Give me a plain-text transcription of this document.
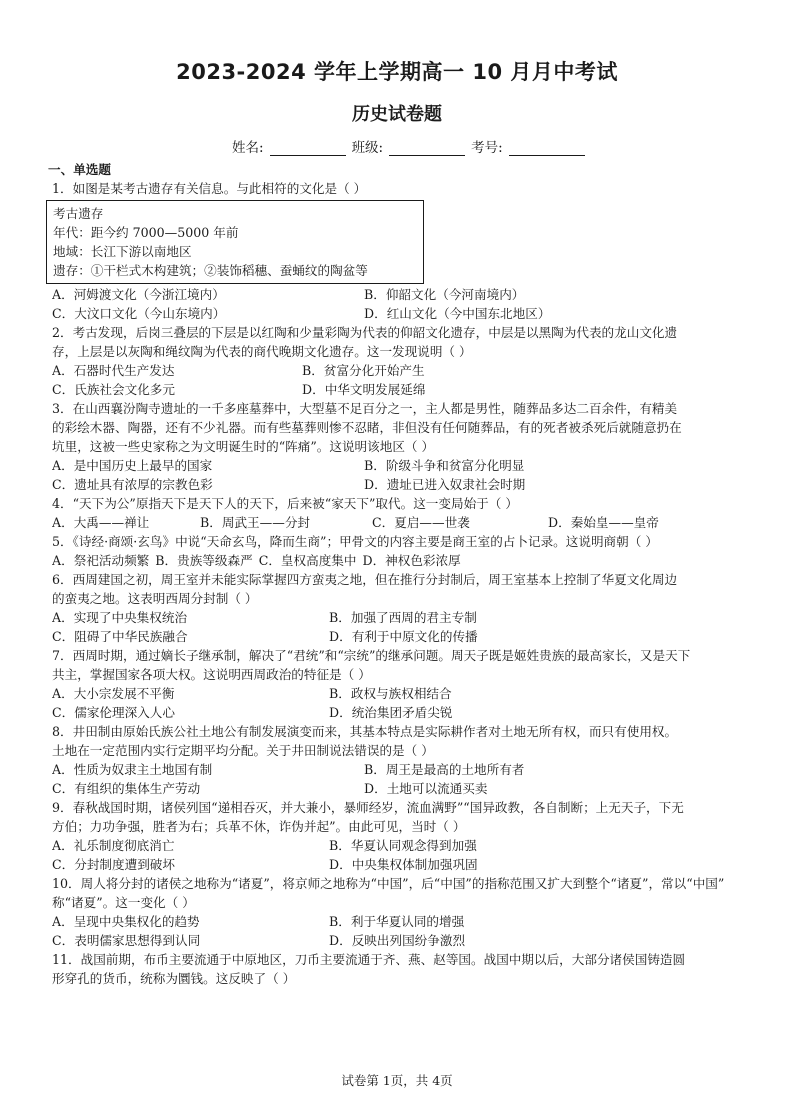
2023-2024 学年上学期高一 10 月月中考试
历史试卷题
姓名:	班级:	考号:
一、单选题
1．如图是某考古遗存有关信息。与此相符的文化是（ ）
考古遗存
年代：距今约 7000—5000 年前
地域：长江下游以南地区
遗存：①干栏式木构建筑；②装饰稻穗、蚕蛹纹的陶盆等
A．河姆渡文化（今浙江境内）	B．仰韶文化（今河南境内）
C．大汶口文化（今山东境内）	D．红山文化（今中国东北地区）
2．考古发现，后岗三叠层的下层是以红陶和少量彩陶为代表的仰韶文化遗存，中层是以黑陶为代表的龙山文化遗
存，上层是以灰陶和绳纹陶为代表的商代晚期文化遗存。这一发现说明（ ）
A．石器时代生产发达	B．贫富分化开始产生
C．氏族社会文化多元	D．中华文明发展延绵
3．在山西襄汾陶寺遗址的一千多座墓葬中，大型墓不足百分之一，主人都是男性，随葬品多达二百余件，有精美
的彩绘木器、陶器，还有不少礼器。而有些墓葬则惨不忍睹，非但没有任何随葬品，有的死者被杀死后就随意扔在
坑里，这被一些史家称之为文明诞生时的“阵痛”。这说明该地区（ ）
A．是中国历史上最早的国家	B．阶级斗争和贫富分化明显
C．遗址具有浓厚的宗教色彩	D．遗址已进入奴隶社会时期
4．“天下为公”原指天下是天下人的天下，后来被“家天下”取代。这一变局始于（ ）
A．大禹——禅让	B．周武王——分封	C．夏启——世袭	D．秦始皇——皇帝
5．《诗经·商颂·玄鸟》中说“天命玄鸟，降而生商”；甲骨文的内容主要是商王室的占卜记录。这说明商朝（ ）
A．祭祀活动频繁 B．贵族等级森严 C．皇权高度集中 D．神权色彩浓厚
6．西周建国之初，周王室并未能实际掌握四方蛮夷之地，但在推行分封制后，周王室基本上控制了华夏文化周边
的蛮夷之地。这表明西周分封制（ ）
A．实现了中央集权统治	B．加强了西周的君主专制
C．阻碍了中华民族融合	D．有利于中原文化的传播
7．西周时期，通过嫡长子继承制，解决了“君统”和“宗统”的继承问题。周天子既是姬姓贵族的最高家长，又是天下
共主，掌握国家各项大权。这说明西周政治的特征是（ ）
A．大小宗发展不平衡	B．政权与族权相结合
C．儒家伦理深入人心	D．统治集团矛盾尖锐
8．井田制由原始氏族公社土地公有制发展演变而来，其基本特点是实际耕作者对土地无所有权，而只有使用权。
土地在一定范围内实行定期平均分配。关于井田制说法错误的是（ ）
A．性质为奴隶主土地国有制	B．周王是最高的土地所有者
C．有组织的集体生产劳动	D．土地可以流通买卖
9．春秋战国时期，诸侯列国“递相吞灭，并大兼小，暴师经岁，流血满野”“国异政教，各自制断；上无天子，下无
方伯；力功争强，胜者为右；兵革不休，诈伪并起”。由此可见，当时（ ）
A．礼乐制度彻底消亡	B．华夏认同观念得到加强
C．分封制度遭到破坏	D．中央集权体制加强巩固
10．周人将分封的诸侯之地称为“诸夏”，将京师之地称为“中国”，后“中国”的指称范围又扩大到整个“诸夏”，常以“中国”
称“诸夏”。这一变化（ ）
A．呈现中央集权化的趋势	B．利于华夏认同的增强
C．表明儒家思想得到认同	D．反映出列国纷争激烈
11．战国前期，布币主要流通于中原地区，刀币主要流通于齐、燕、赵等国。战国中期以后，大部分诸侯国铸造圆
形穿孔的货币，统称为圜钱。这反映了（ ）
试卷第 1页，共 4页
